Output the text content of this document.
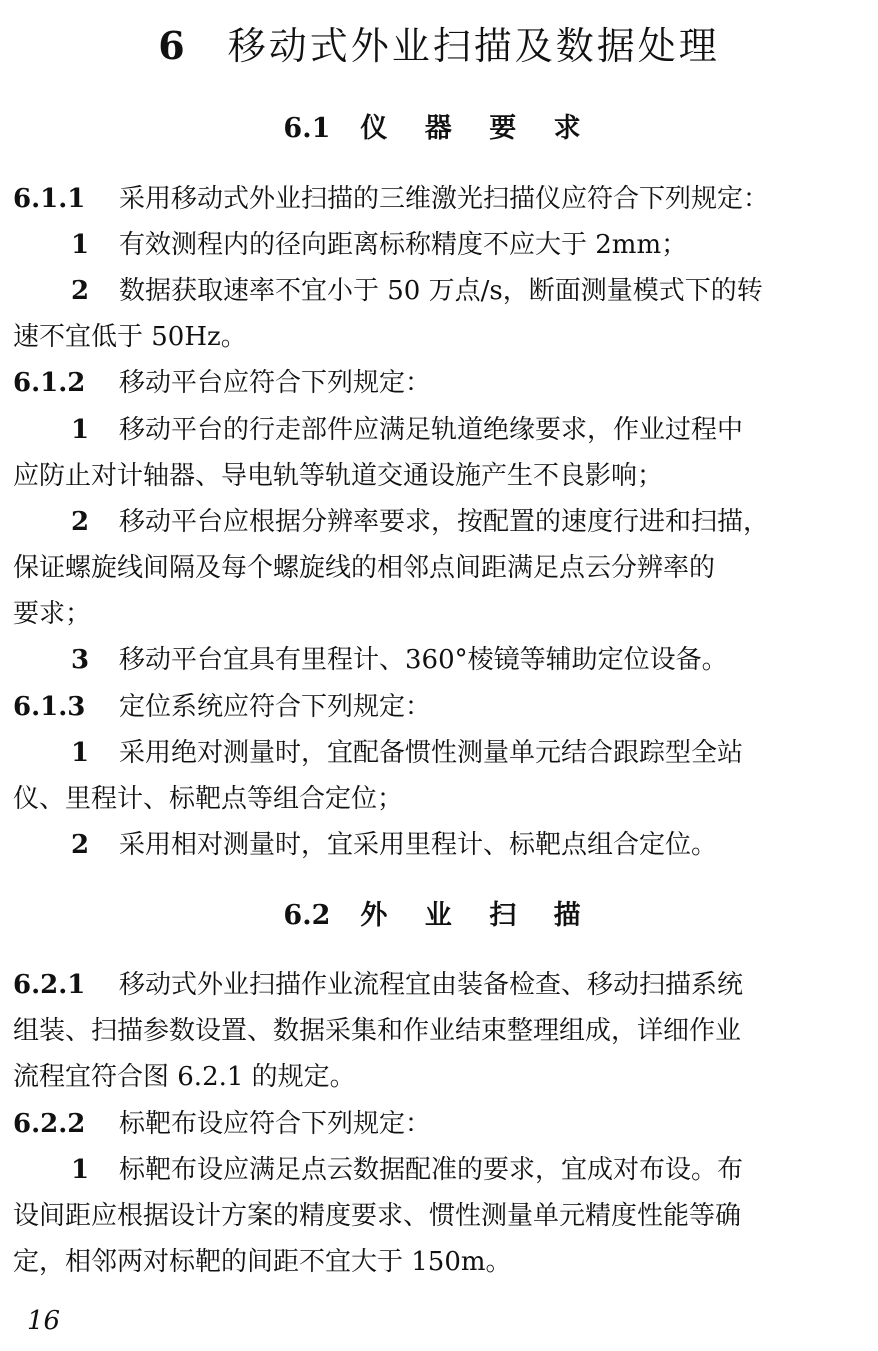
6 移动式外业扫描及数据处理
6.1 仪 器 要 求
6.1.1 采用移动式外业扫描的三维激光扫描仪应符合下列规定：
1 有效测程内的径向距离标称精度不应大于 2mm；
2 数据获取速率不宜小于 50 万点/s，断面测量模式下的转
速不宜低于 50Hz。
6.1.2 移动平台应符合下列规定：
1 移动平台的行走部件应满足轨道绝缘要求，作业过程中
应防止对计轴器、导电轨等轨道交通设施产生不良影响；
2 移动平台应根据分辨率要求，按配置的速度行进和扫描，
保证螺旋线间隔及每个螺旋线的相邻点间距满足点云分辨率的
要求；
3 移动平台宜具有里程计、360°棱镜等辅助定位设备。
6.1.3 定位系统应符合下列规定：
1 采用绝对测量时，宜配备惯性测量单元结合跟踪型全站
仪、里程计、标靶点等组合定位；
2 采用相对测量时，宜采用里程计、标靶点组合定位。
6.2 外 业 扫 描
6.2.1 移动式外业扫描作业流程宜由装备检查、移动扫描系统
组装、扫描参数设置、数据采集和作业结束整理组成，详细作业
流程宜符合图 6.2.1 的规定。
6.2.2 标靶布设应符合下列规定：
1 标靶布设应满足点云数据配准的要求，宜成对布设。布
设间距应根据设计方案的精度要求、惯性测量单元精度性能等确
定，相邻两对标靶的间距不宜大于 150m。
16
